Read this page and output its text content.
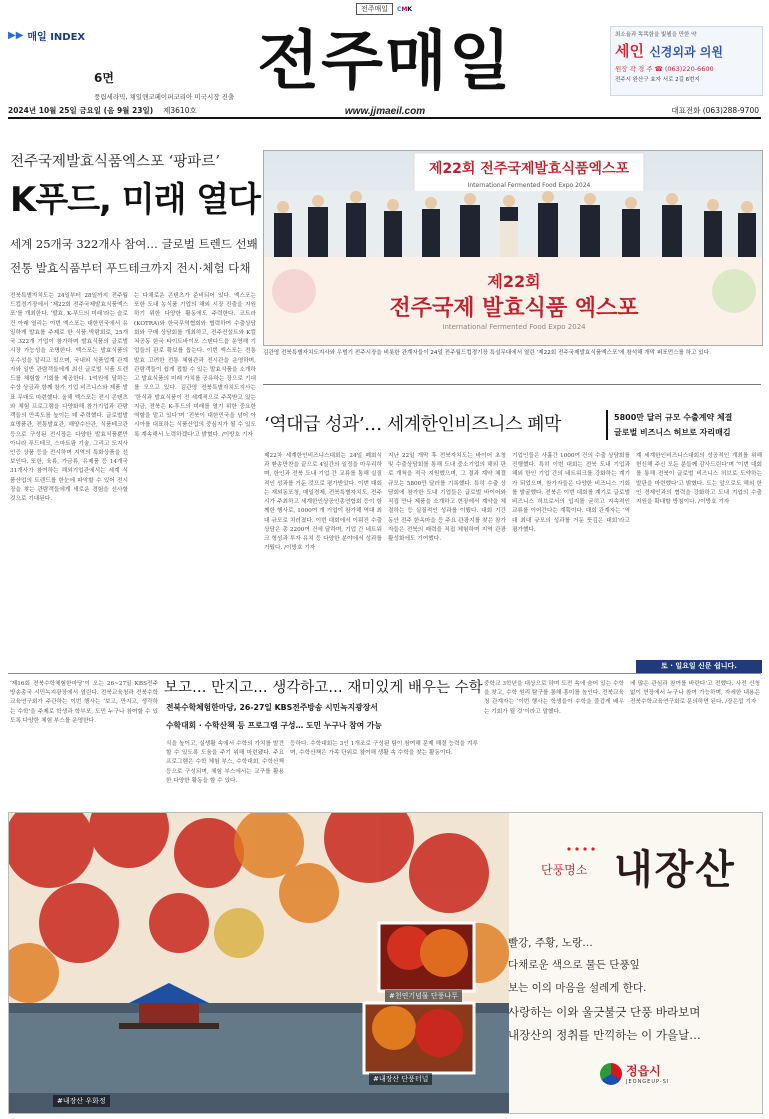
전주매일	CMK
▶▶ 매일 INDEX
6면
풍림세라믹, 채일앤코페이퍼코리아 미국시장 진출 전주매일
www.jjmaeil.com
최소율과 똑똑함을 빛뵐을 만한 약
세인 신경외과 의원
원장 곽 경 주 ☎ (063)220-6600
전주시 완산구 효자 서로 2길 6번지
2024년 10월 25일 금요일 (음 9월 23일) 제3610호	대표전화 (063)288-9700
전주국제발효식품엑스포 ‘팡파르’
K푸드, 미래 열다
세계 25개국 322개사 참여… 글로벌 트렌드 선봬
전통 발효식품부터 푸드테크까지 전시·체험 다채
제22회 전주국제발효식품엑스포
International Fermented Food Expo 2024
제22회
전주국제 발효식품 엑스포
International Fermented Food Expo 2024
김관영 전북특별자치도지사와 우범기 전주시장을 비롯한 관계자들이 24일 전주월드컵경기장 특설무대에서 열린 ‘제22회 전주국제발효식품엑스포’에 참석해 개막 퍼포먼스를 하고 있다.
전북특별자치도는 24일부터 28일까지 전주월드컵경기장에서 ‘제22회 전주국제발효식품엑스포’를 개최한다. ‘발효, K-푸드의 미래’라는 슬로건 아래 열리는 이번 엑스포는 대한민국에서 유일하게 발효를 주제로 한 식품 박람회로, 25개국 322개 기업이 참가하며 발효식품의 글로벌 시장 가능성을 조명한다. 엑스포는 발효식품의 우수성을 알리고 있으며, 국내외 식품업계 관계자와 일반 관람객들에게 최신 글로벌 식품 트렌드를 체험할 기회를 제공한다. 1억원에 달하는 수상 상금과 함께 참가 기업 비즈니스와 제품 발표 무대도 마련했다. 올해 엑스포는 전시 콘텐츠와 체험 프로그램을 다양화해 참가기업과 관람객들의 만족도를 높이는 데 주력했다. 글로벌발효명품관, 전통발효관, 해양수산관, 식품테크관 등으로 구성된 전시장은 다양한 발효식품뿐만 아니라 푸드테크, 스마트팜 기술, 그리고 도지사 인증 상품 등을 전시하며 지역의 특화상품을 선보인다. 또한, 육류, 가금류, 유제품 등 14개국 31개사가 참여하는 해외기업관에서는 세계 식품산업의 트렌드를 한눈에 파악할 수 있어 전시장을 찾는 관람객들에게 새로운 경험을 선사할 것으로 기대된다.
는 다채로운 콘텐츠가 준비되어 있다. 엑스포는 또한 도내 농식품 기업의 해외 시장 진출을 지원하기 위한 다양한 활동에도 주력한다. 코트라(KOTRA)와 한국무역협회와 협력하여 수출상담회와 구매 상담회를 개최하고, 전주컨설트와 K컬쳐공동 한국 타이트바이오 스텐다드을 운영해 기업들의 판로 확보를 돕는다. 이번 엑스포는 전통발효 고려한 전통 체험관과 전시관을 운영하며, 관람객들이 쉽게 접할 수 있는 발효식품을 소개하고 발효식품의 미래 가치를 공유하는 장으로 기대를 모으고 있다. 김관영 전북특별자치도지사는 ‘한식과 발효식품이 전 세계적으로 주목받고 있는 지금, 전북은 K-푸드의 미래를 열기 위한 중요한 역할을 맡고 있다’며 ‘전북이 대한민국을 넘어 아시아를 대표하는 식품산업의 중심지가 될 수 있도록 계속해서 노력하겠다’고 밝혔다. /이방호 기자 ‘역대급 성과’… 세계한인비즈니스 폐막	5800만 달러 규모 수출계약 체결
글로벌 비즈니스 허브로 자리매김
제22차 세계한인비즈니스대회는 24일 폐회식과 환송만찬을 끝으로 4일간의 일정을 마무리하며, 한인과 전북 도내 기업 간 교류를 통해 실질적인 성과를 거둔 것으로 평가받았다. 이번 대회는 재외동포청, 매일경제, 전북특별자치도, 전주시가 주최하고 세계한인상공인총연합회 등이 함께한 행사로, 1000여 개 기업이 참가해 역대 최대 규모로 치러졌다. 이번 대회에서 이뤄진 수출 상담은 총 2200여 건에 달하며, 기업 간 네트워크 형성과 투자 유치 등 다양한 분야에서 성과를 거뒀다. /이방호 기자
지난 22일 개막 후 전북자치도는 바이어 초청 및 수출상담회를 통해 도내 중소기업의 해외 판로 개척을 적극 지원했으며, 그 결과 계약 체결 규모는 5800만 달러를 기록했다. 특히 수출 상담회에 참가한 도내 기업들은 글로벌 바이어와 직접 만나 제품을 소개하고 현장에서 계약을 체결하는 등 실질적인 성과를 이뤘다. 대회 기간 동안 전주 한옥마을 등 주요 관광지를 찾은 참가자들은 전북의 매력을 직접 체험하며 지역 관광 활성화에도 기여했다.
기업인들은 사흘간 1000여 건의 수출 상담회를 진행했다. 특히 이번 대회는 전북 도내 기업과 해외 한인 기업 간의 네트워크를 강화하는 계기가 되었으며, 참가자들은 다양한 비즈니스 기회를 발굴했다. 전북은 이번 대회를 계기로 글로벌 비즈니스 허브로서의 입지를 굳히고 지속적인 교류를 이어간다는 계획이다. 대회 관계자는 ‘역대 최대 규모의 성과를 거둔 뜻깊은 대회’라고 평가했다.
계 세계한인비즈니스대회의 성공적인 개최를 위해 헌신해 주신 모든 분들께 감사드린다’며 ‘이번 대회를 통해 전북이 글로벌 비즈니스 허브로 도약하는 발판을 마련했다’고 밝혔다. 도는 앞으로도 해외 한인 경제인과의 협력을 강화하고 도내 기업의 수출 지원을 확대할 방침이다. /이방호 기자
토 · 일요일 신문 쉽니다.
보고… 만지고… 생각하고… 재미있게 배우는 수학
전북수학체험한마당, 26-27일 KBS전주방송 시민녹지광장서
수학대회 · 수학산책 등 프로그램 구성… 도민 누구나 참여 가능
‘제16회 전북수학체험한마당’이 오는 26~27일 KBS전주방송총국 시민녹지광장에서 열린다. 전북교육청과 전북수학교육연구회가 주관하는 이번 행사는 ‘보고, 만지고, 생각하는 수학’을 주제로 학생과 학부모, 도민 누구나 참여할 수 있도록 다양한 체험 부스를 운영한다.
식을 높이고, 실생활 속에서 수학의 가치를 발견할 수 있도록 도움을 주기 위해 마련됐다. 주요 프로그램은 수학 체험 부스, 수학대회, 수학산책 등으로 구성되며, 체험 부스에서는 교구를 활용한 다양한 활동을 할 수 있다.
등하다. 수학대회는 3인 1개조로 구성된 팀이 참여해 문제 해결 능력을 겨루며, 수학산책은 가족 단위로 참여해 생활 속 수학을 찾는 활동이다.
중학교 3학년을 대상으로 하며 도전 속에 숨어 있는 수학을 찾고, 수학 원리 탐구를 통해 흥미를 높인다. 전북교육청 관계자는 ‘이번 행사는 학생들이 수학을 즐겁게 배우는 기회가 될 것’이라고 말했다.
에 많은 관심과 참여를 바란다’고 전했다. 사전 신청 없이 현장에서 누구나 참여 가능하며, 자세한 내용은 전북수학교육연구회로 문의하면 된다. /장은섭 기자
#천연기념물 단풍나무
#내장산 단풍터널
#내장산 우화정
단풍명소 내장산
빨강, 주황, 노랑…
다채로운 색으로 물든 단풍잎
보는 이의 마음을 설레게 한다.
사랑하는 이와 울긋불긋 단풍 바라보며
내장산의 정취를 만끽하는 이 가을날…
정읍시
JEONGEUP-SI
